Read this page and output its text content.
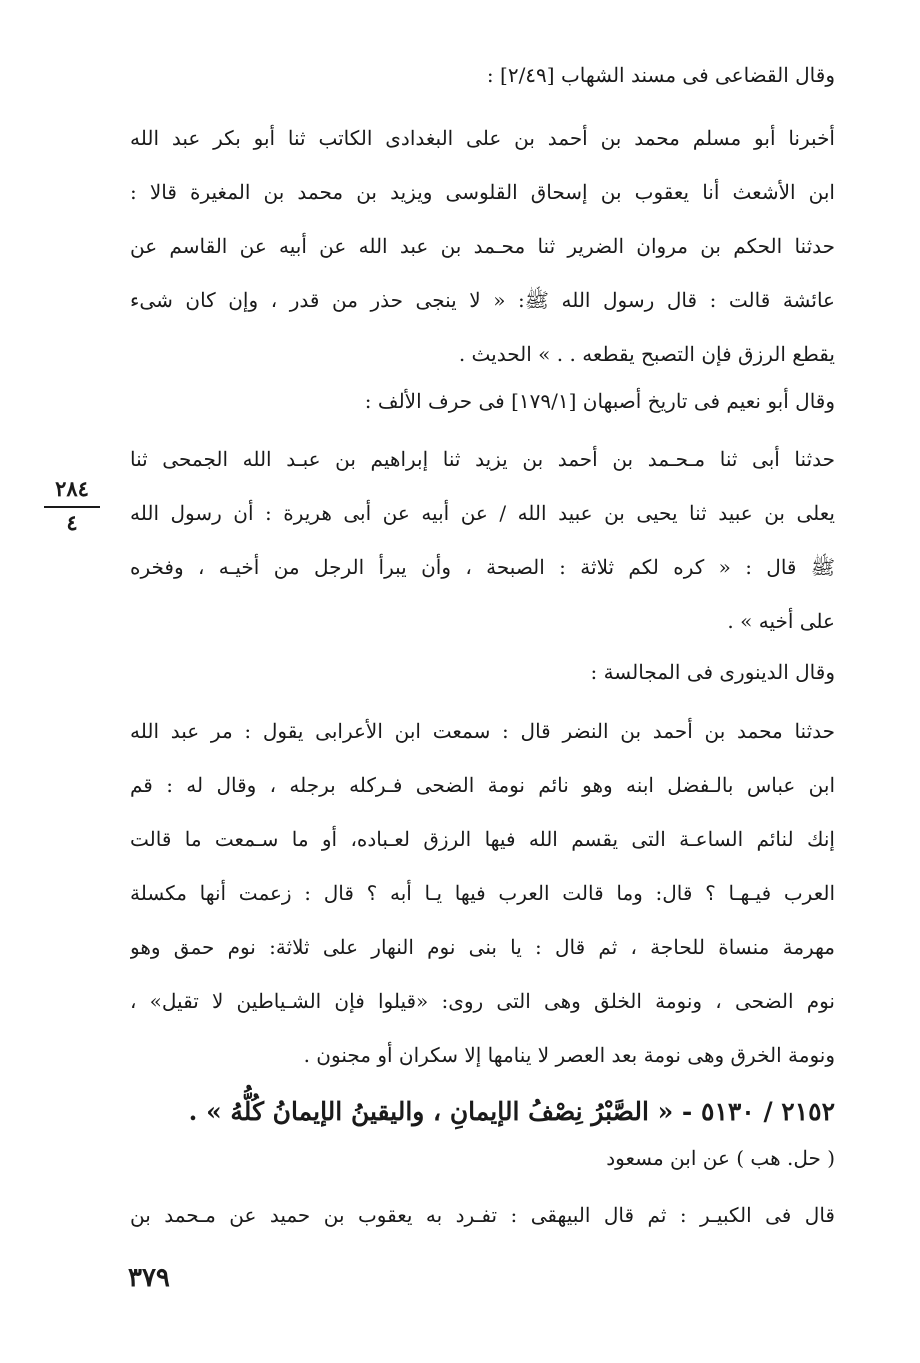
وقال القضاعى فى مسند الشهاب [٢/٤٩] :
أخبرنا أبو مسلم محمد بن أحمد بن على البغدادى الكاتب ثنا أبو بكر عبد الله
ابن الأشعث أنا يعقوب بن إسحاق القلوسى ويزيد بن محمد بن المغيرة قالا :
حدثنا الحكم بن مروان الضرير ثنا محـمد بن عبد الله عن أبيه عن القاسم عن
عائشة قالت : قال رسول الله ﷺ: « لا ينجى حذر من قدر ، وإن كان شىء
يقطع الرزق فإن التصبح يقطعه . . » الحديث .
وقال أبو نعيم فى تاريخ أصبهان [١٧٩/١] فى حرف الألف :
حدثنا أبى ثنا مـحـمد بن أحمد بن يزيد ثنا إبراهيم بن عبـد الله الجمحى ثنا
يعلى بن عبيد ثنا يحيى بن عبيد الله / عن أبيه عن أبى هريرة : أن رسول الله
ﷺ قال : « كره لكم ثلاثة : الصبحة ، وأن يبرأ الرجل من أخيـه ، وفخره
على أخيه » .
٢٨٤
٤
وقال الدينورى فى المجالسة :
حدثنا محمد بن أحمد بن النضر قال : سمعت ابن الأعرابى يقول : مر عبد الله
ابن عباس بالـفضل ابنه وهو نائم نومة الضحى فـركله برجله ، وقال له : قم
إنك لنائم الساعـة التى يقسم الله فيها الرزق لعـباده، أو ما سـمعت ما قالت
العرب فيـهـا ؟ قال: وما قالت العرب فيها يـا أبه ؟ قال : زعمت أنها مكسلة
مهرمة منساة للحاجة ، ثم قال : يا بنى نوم النهار على ثلاثة: نوم حمق وهو
نوم الضحى ، ونومة الخلق وهى التى روى: «قيلوا فإن الشـياطين لا تقيل» ،
ونومة الخرق وهى نومة بعد العصر لا ينامها إلا سكران أو مجنون .
٢١٥٢ / ٥١٣٠ - « الصَّبْرُ نِصْفُ الإيمانِ ، واليقينُ الإيمانُ كُلُّهُ » .
( حل. هب ) عن ابن مسعود
قال فى الكبيـر : ثم قال البيهقى : تفـرد به يعقوب بن حميد عن مـحمد بن
٣٧٩
